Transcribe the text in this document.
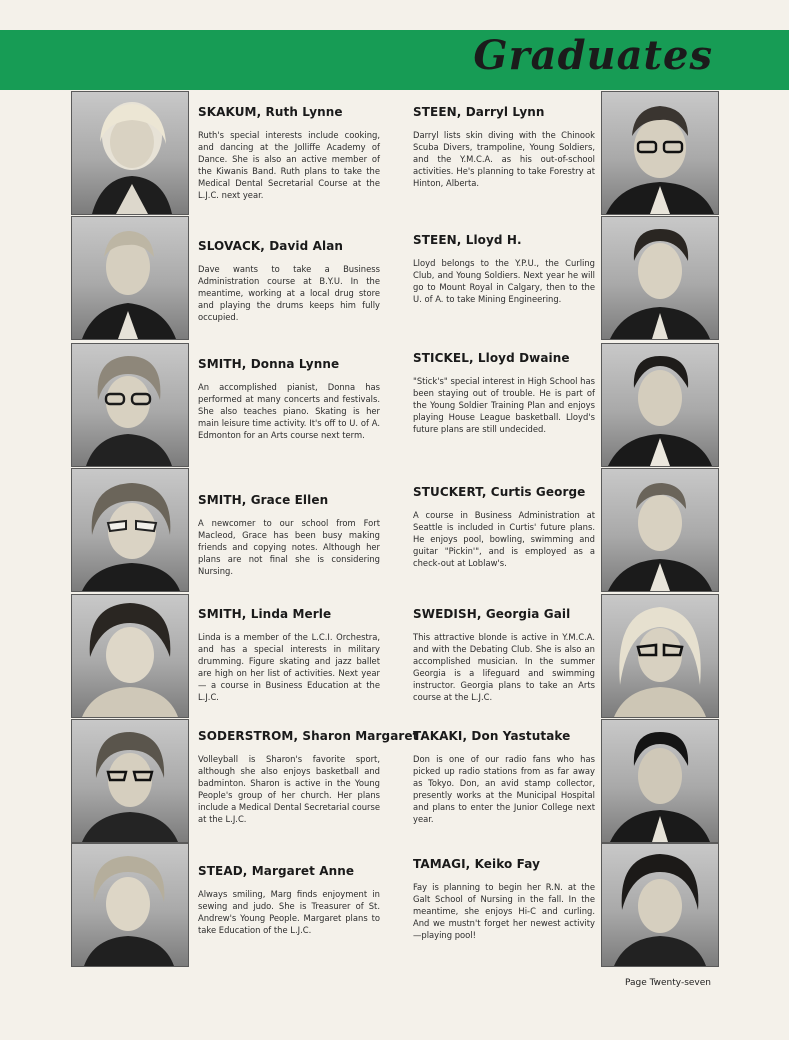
Graduates
SKAKUM, Ruth Lynne

Ruth's special interests include cooking, and dancing at the Jolliffe Academy of Dance. She is also an active member of the Kiwanis Band. Ruth plans to take the Medical Dental Secretarial Course at the L.J.C. next year.

SLOVACK, David Alan

Dave wants to take a Business Administration course at B.Y.U. In the meantime, working at a local drug store and playing the drums keeps him fully occupied.

SMITH, Donna Lynne

An accomplished pianist, Donna has performed at many concerts and festivals. She also teaches piano. Skating is her main leisure time activity. It's off to U. of A. Edmonton for an Arts course next term.

SMITH, Grace Ellen

A newcomer to our school from Fort Macleod, Grace has been busy making friends and copying notes. Although her plans are not final she is considering Nursing.

SMITH, Linda Merle

Linda is a member of the L.C.I. Orchestra, and has a special interests in military drumming. Figure skating and jazz ballet are high on her list of activities. Next year — a course in Business Education at the L.J.C.

SODERSTROM, Sharon Margaret

Volleyball is Sharon's favorite sport, although she also enjoys basketball and badminton. Sharon is active in the Young People's group of her church. Her plans include a Medical Dental Secretarial course at the L.J.C.

STEAD, Margaret Anne

Always smiling, Marg finds enjoyment in sewing and judo. She is Treasurer of St. Andrew's Young People. Margaret plans to take Education of the L.J.C.

STEEN, Darryl Lynn

Darryl lists skin diving with the Chinook Scuba Divers, trampoline, Young Soldiers, and the Y.M.C.A. as his out-of-school activities. He's planning to take Forestry at Hinton, Alberta.

STEEN, Lloyd H.

Lloyd belongs to the Y.P.U., the Curling Club, and Young Soldiers. Next year he will go to Mount Royal in Calgary, then to the U. of A. to take Mining Engineering.

STICKEL, Lloyd Dwaine

"Stick's" special interest in High School has been staying out of trouble. He is part of the Young Soldier Training Plan and enjoys playing House League basketball. Lloyd's future plans are still undecided.

STUCKERT, Curtis George

A course in Business Administration at Seattle is included in Curtis' future plans. He enjoys pool, bowling, swimming and guitar "Pickin'", and is employed as a check-out at Loblaw's.

SWEDISH, Georgia Gail

This attractive blonde is active in Y.M.C.A. and with the Debating Club. She is also an accomplished musician. In the summer Georgia is a lifeguard and swimming instructor. Georgia plans to take an Arts course at the L.J.C.

TAKAKI, Don Yastutake

Don is one of our radio fans who has picked up radio stations from as far away as Tokyo. Don, an avid stamp collector, presently works at the Municipal Hospital and plans to enter the Junior College next year.

TAMAGI, Keiko Fay

Fay is planning to begin her R.N. at the Galt School of Nursing in the fall. In the meantime, she enjoys Hi-C and curling. And we mustn't forget her newest activity —playing pool!

Page Twenty-seven
